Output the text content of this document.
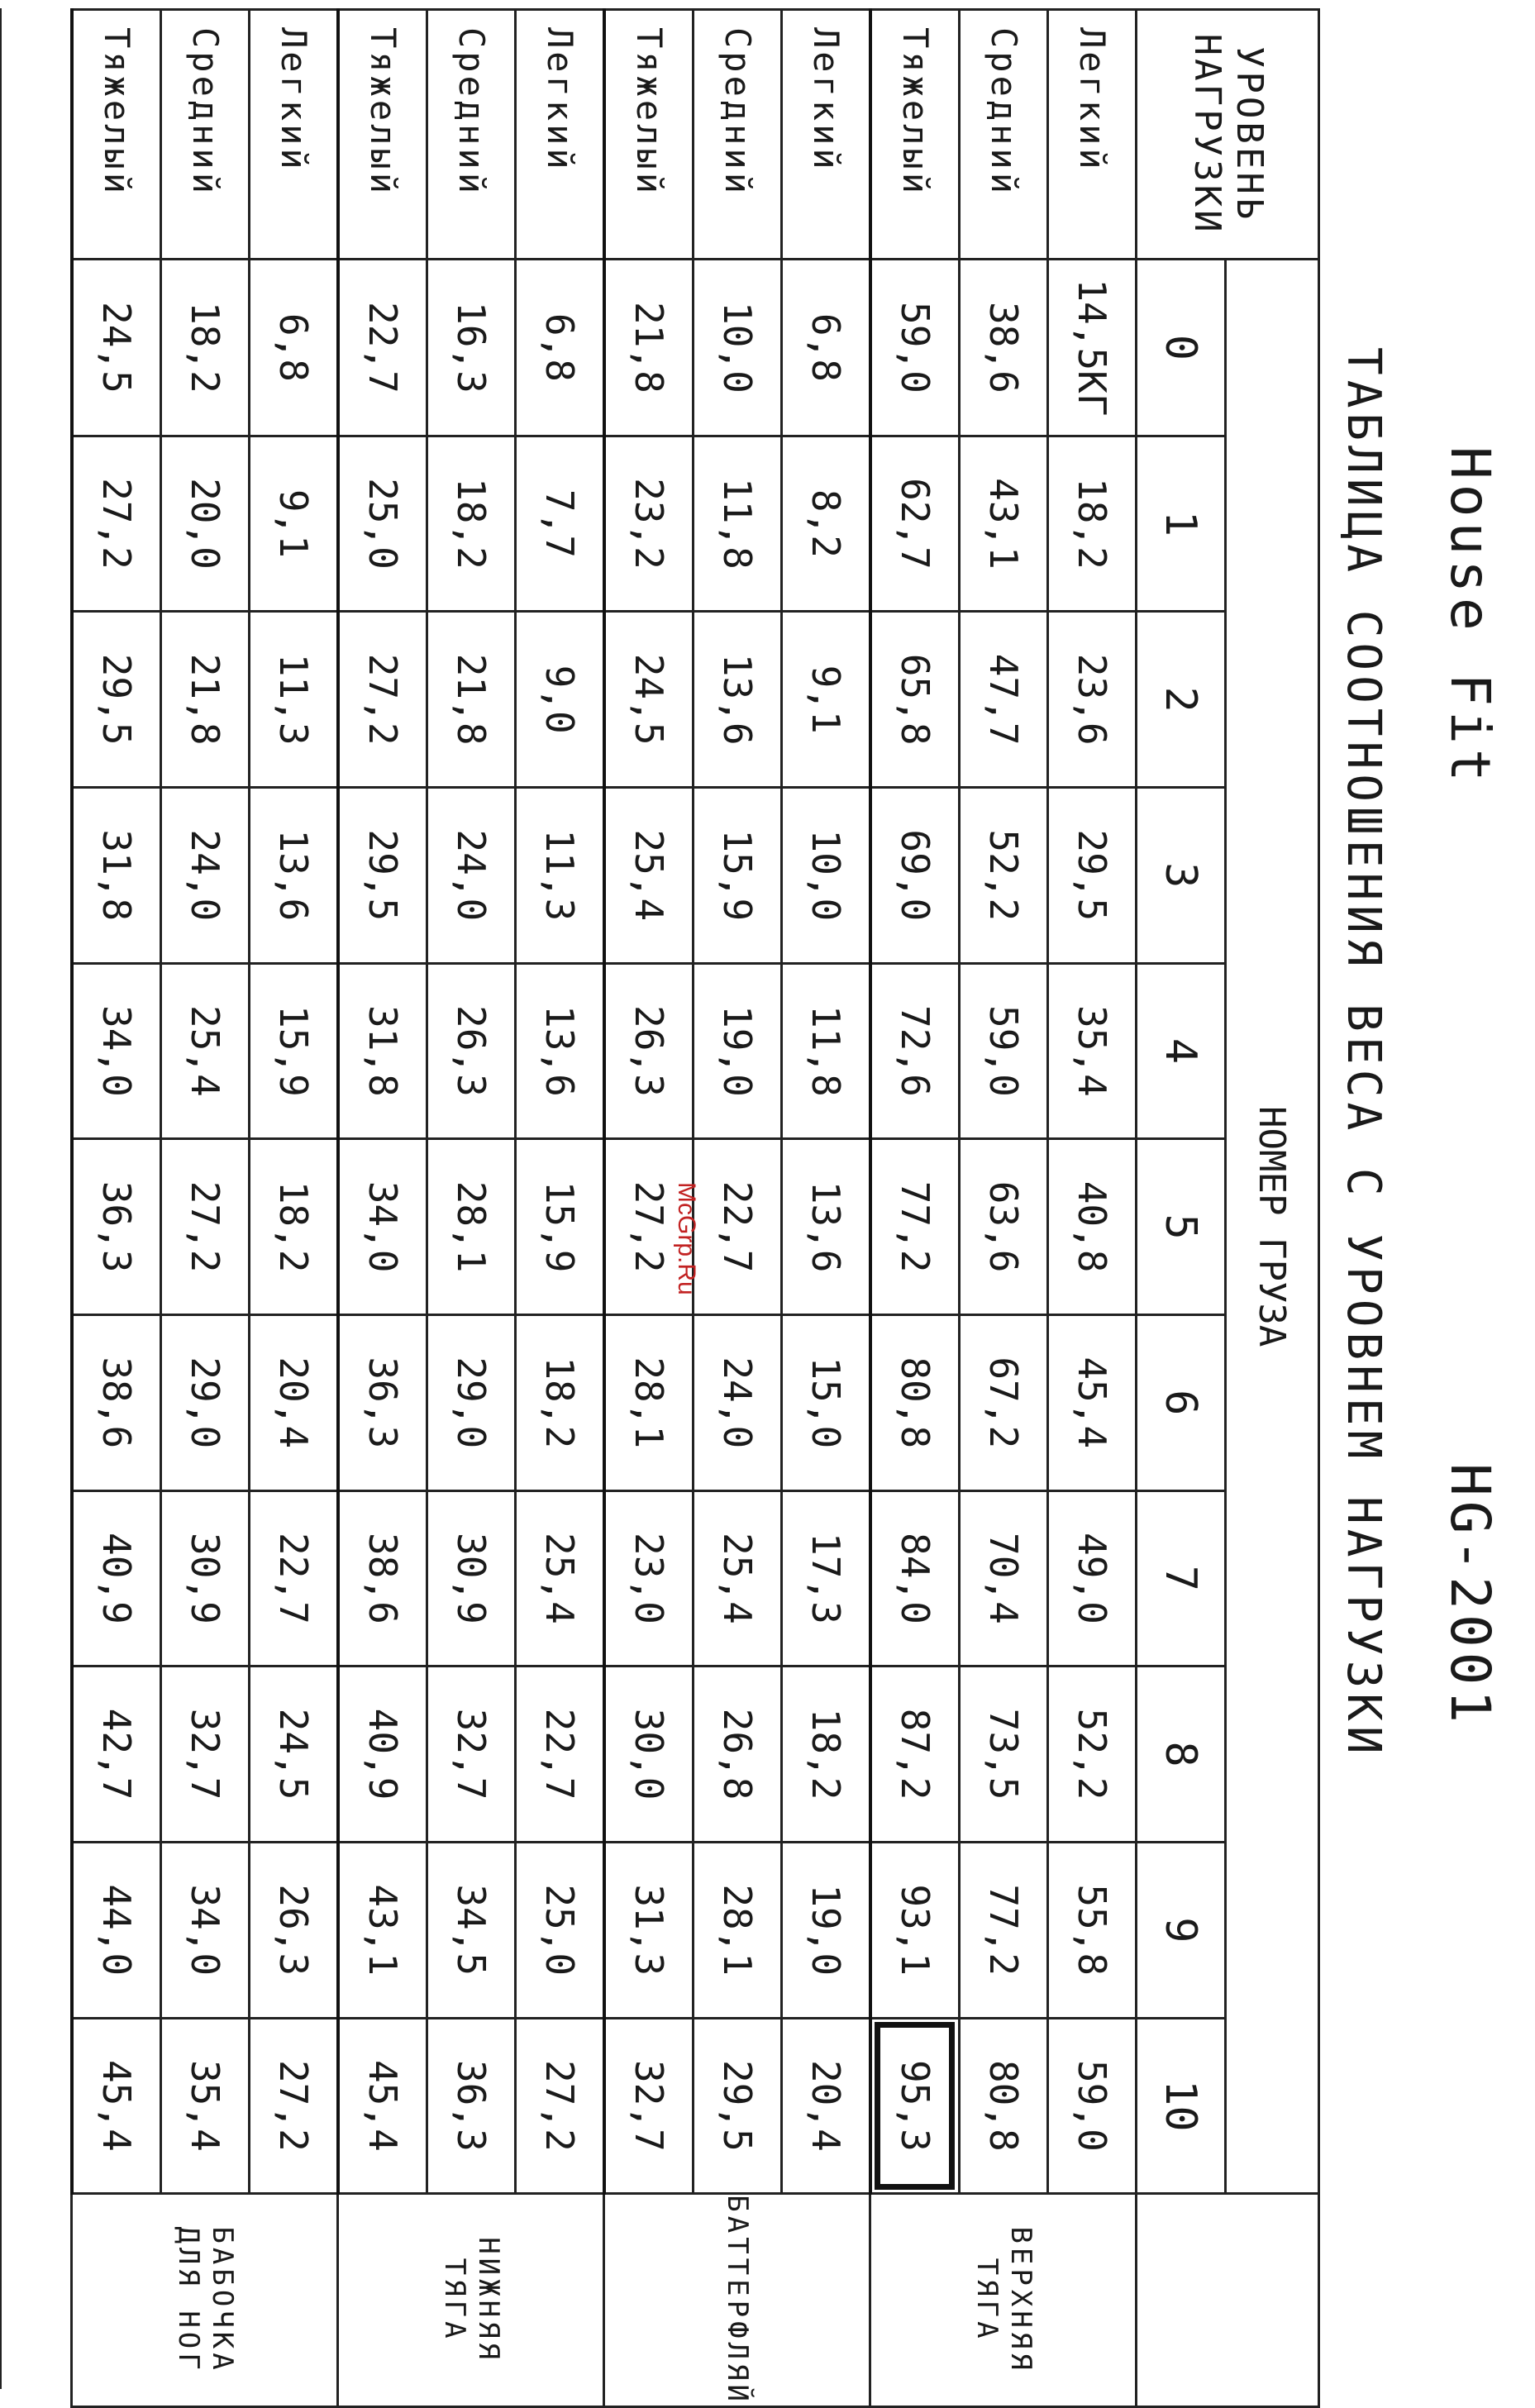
House Fit
HG-2001
ТАБЛИЦА СООТНОШЕНИЯ ВЕСА С УРОВНЕМ НАГРУЗКИ
УРОВЕНЬ НАГРУЗКИ	НОМЕР ГРУЗА											
	0	1	2	3	4	5	6	7	8	9	10	
Легкий	14,5КГ	18,2	23,6	29,5	35,4	40,8	45,4	49,0	52,2	55,8	59,0	ВЕРХНЯЯ ТЯГА
Средний	38,6	43,1	47,7	52,2	59,0	63,6	67,2	70,4	73,5	77,2	80,8	
Тяжелый	59,0	62,7	65,8	69,0	72,6	77,2	80,8	84,0	87,2	93,1	95,3	
Легкий	6,8	8,2	9,1	10,0	11,8	13,6	15,0	17,3	18,2	19,0	20,4	БАТТЕРФЛЯЙ
Средний	10,0	11,8	13,6	15,9	19,0	22,7	24,0	25,4	26,8	28,1	29,5	
Тяжелый	21,8	23,2	24,5	25,4	26,3	27,2	28,1	23,0	30,0	31,3	32,7	
Легкий	6,8	7,7	9,0	11,3	13,6	15,9	18,2	25,4	22,7	25,0	27,2	НИЖНЯЯ ТЯГА
Средний	16,3	18,2	21,8	24,0	26,3	28,1	29,0	30,9	32,7	34,5	36,3	
Тяжелый	22,7	25,0	27,2	29,5	31,8	34,0	36,3	38,6	40,9	43,1	45,4	
Легкий	6,8	9,1	11,3	13,6	15,9	18,2	20,4	22,7	24,5	26,3	27,2	БАБОЧКА ДЛЯ НОГ
Средний	18,2	20,0	21,8	24,0	25,4	27,2	29,0	30,9	32,7	34,0	35,4	
Тяжелый	24,5	27,2	29,5	31,8	34,0	36,3	38,6	40,9	42,7	44,0	45,4	
McGrp.Ru
